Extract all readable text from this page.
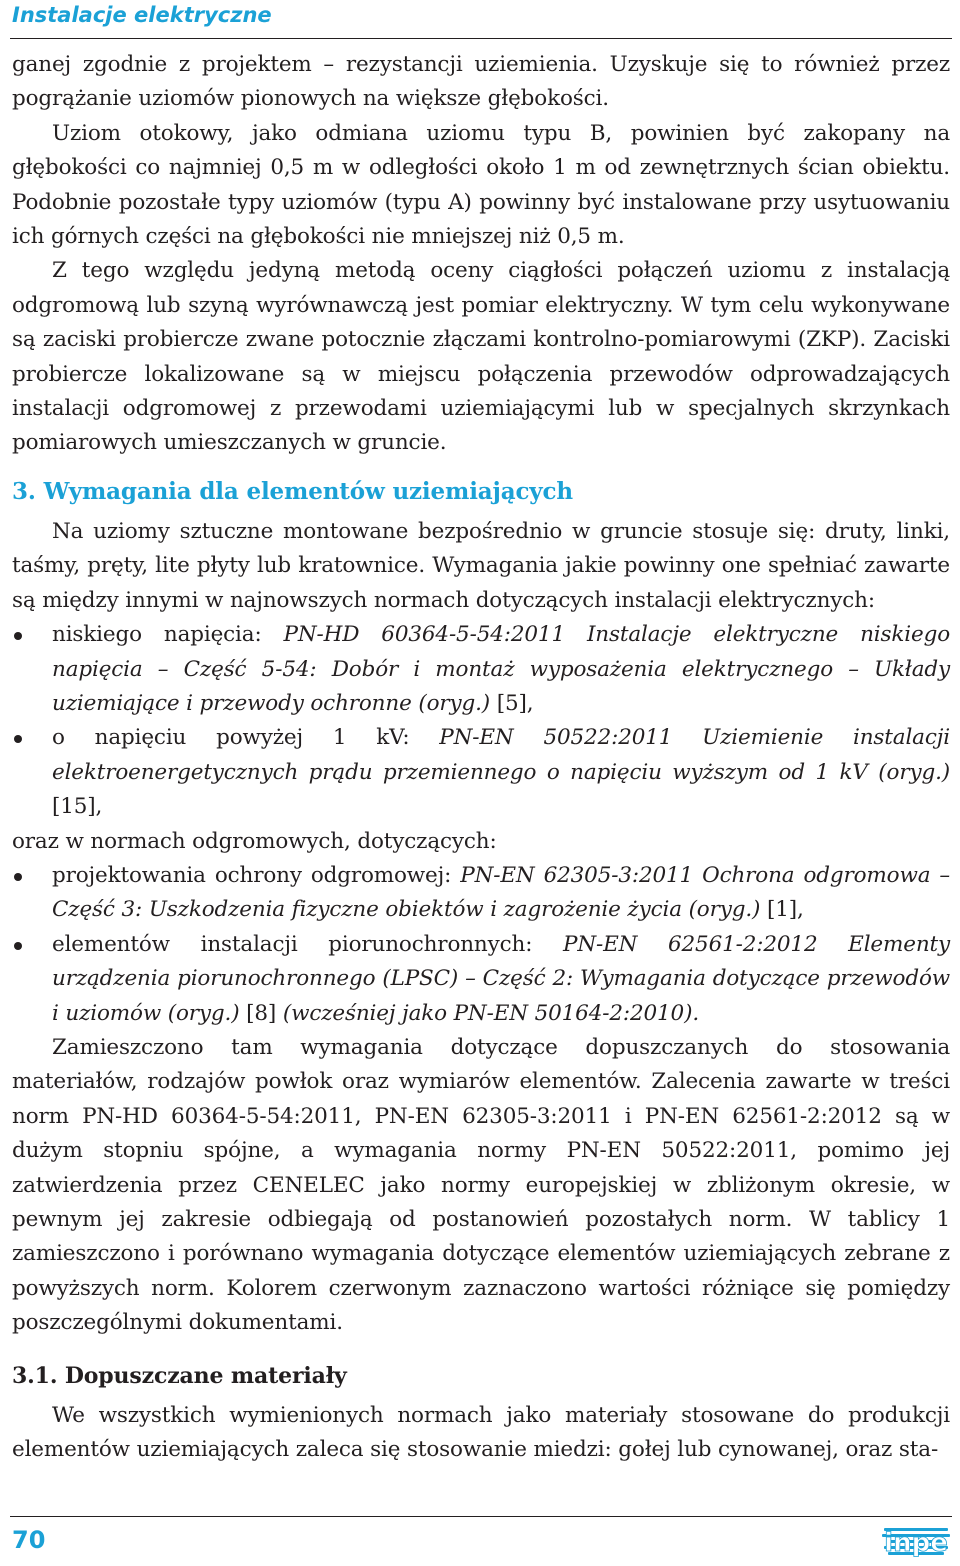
Instalacje elektryczne

ganej zgodnie z projektem – rezystancji uziemienia. Uzyskuje się to również przez pogrążanie uziomów pionowych na większe głębokości.

Uziom otokowy, jako odmiana uziomu typu B, powinien być zakopany na głębokości co najmniej 0,5 m w odległości około 1 m od zewnętrznych ścian obiektu. Podobnie pozostałe typy uziomów (typu A) powinny być instalowane przy usytuowaniu ich górnych części na głębokości nie mniejszej niż 0,5 m.

Z tego względu jedyną metodą oceny ciągłości połączeń uziomu z instalacją odgromową lub szyną wyrównawczą jest pomiar elektryczny. W tym celu wykonywane są zaciski probiercze zwane potocznie złączami kontrolno-pomiarowymi (ZKP). Zaciski probiercze lokalizowane są w miejscu połączenia przewodów odprowadzających instalacji odgromowej z przewodami uziemiającymi lub w specjalnych skrzynkach pomiarowych umieszczanych w gruncie.

3. Wymagania dla elementów uziemiających

Na uziomy sztuczne montowane bezpośrednio w gruncie stosuje się: druty, linki, taśmy, pręty, lite płyty lub kratownice. Wymagania jakie powinny one spełniać zawarte są między innymi w najnowszych normach dotyczących instalacji elektrycznych:

niskiego napięcia: PN-HD 60364-5-54:2011 Instalacje elektryczne niskiego napięcia – Część 5-54: Dobór i montaż wyposażenia elektrycznego – Układy uziemiające i przewody ochronne (oryg.) [5],
o napięciu powyżej 1 kV: PN-EN 50522:2011 Uziemienie instalacji elektroenergetycznych prądu przemiennego o napięciu wyższym od 1 kV (oryg.) [15],

oraz w normach odgromowych, dotyczących:

projektowania ochrony odgromowej: PN-EN 62305-3:2011 Ochrona odgromowa – Część 3: Uszkodzenia fizyczne obiektów i zagrożenie życia (oryg.) [1],
elementów instalacji piorunochronnych: PN-EN 62561-2:2012 Elementy urządzenia piorunochronnego (LPSC) – Część 2: Wymagania dotyczące przewodów i uziomów (oryg.) [8] (wcześniej jako PN-EN 50164-2:2010).

Zamieszczono tam wymagania dotyczące dopuszczanych do stosowania materiałów, rodzajów powłok oraz wymiarów elementów. Zalecenia zawarte w treści norm PN-HD 60364-5-54:2011, PN-EN 62305-3:2011 i PN-EN 62561-2:2012 są w dużym stopniu spójne, a wymagania normy PN-EN 50522:2011, pomimo jej zatwierdzenia przez CENELEC jako normy europejskiej w zbliżonym okresie, w pewnym jej zakresie odbiegają od postanowień pozostałych norm. W tablicy 1 zamieszczono i porównano wymagania dotyczące elementów uziemiających zebrane z powyższych norm. Kolorem czerwonym zaznaczono wartości różniące się pomiędzy poszczególnymi dokumentami.

3.1. Dopuszczane materiały

We wszystkich wymienionych normach jako materiały stosowane do produkcji elementów uziemiających zaleca się stosowanie miedzi: gołej lub cynowanej, oraz sta-

70	inpe
